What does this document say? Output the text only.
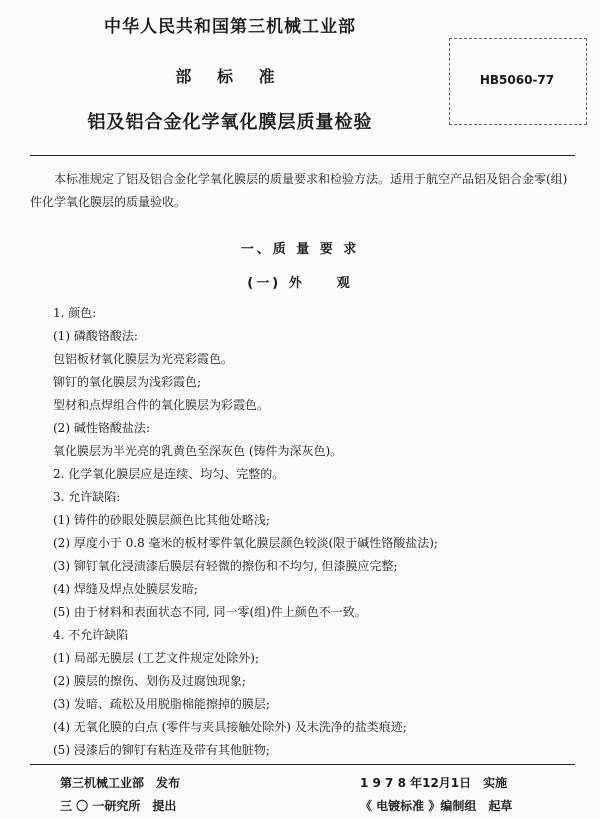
中华人民共和国第三机械工业部
部 标 准
铝及铝合金化学氧化膜层质量检验
HB5060-77
本标准规定了铝及铝合金化学氧化膜层的质量要求和检验方法。适用于航空产品铝及铝合金零(组)件化学氧化膜层的质量验收。
一、质 量 要 求
(一) 外　　观
1. 颜色:
(1) 磷酸铬酸法:
包铝板材氧化膜层为光亮彩霞色。
铆钉的氧化膜层为浅彩霞色;
型材和点焊组合件的氧化膜层为彩霞色。
(2) 碱性铬酸盐法:
氧化膜层为半光亮的乳黄色至深灰色 (铸件为深灰色)。
2. 化学氧化膜层应是连续、均匀、完整的。
3. 允许缺陷:
(1) 铸件的砂眼处膜层颜色比其他处略浅;
(2) 厚度小于 0.8 毫米的板材零件氧化膜层颜色较淡(限于碱性铬酸盐法);
(3) 铆钉氧化浸渍漆后膜层有轻微的擦伤和不均匀, 但漆膜应完整;
(4) 焊缝及焊点处膜层发暗;
(5) 由于材料和表面状态不同, 同一零(组)件上颜色不一致。
4. 不允许缺陷
(1) 局部无膜层 (工艺文件规定处除外);
(2) 膜层的擦伤、划伤及过腐蚀现象;
(3) 发暗、疏松及用脱脂棉能擦掉的膜层;
(4) 无氧化膜的白点 (零件与夹具接触处除外) 及未洗净的盐类痕迹;
(5) 浸漆后的铆钉有粘连及带有其他脏物;
第三机械工业部　发布
三 〇 一研究所　提出
1 9 7 8 年12月1日　实施
《 电镀标准 》编制组　起草
